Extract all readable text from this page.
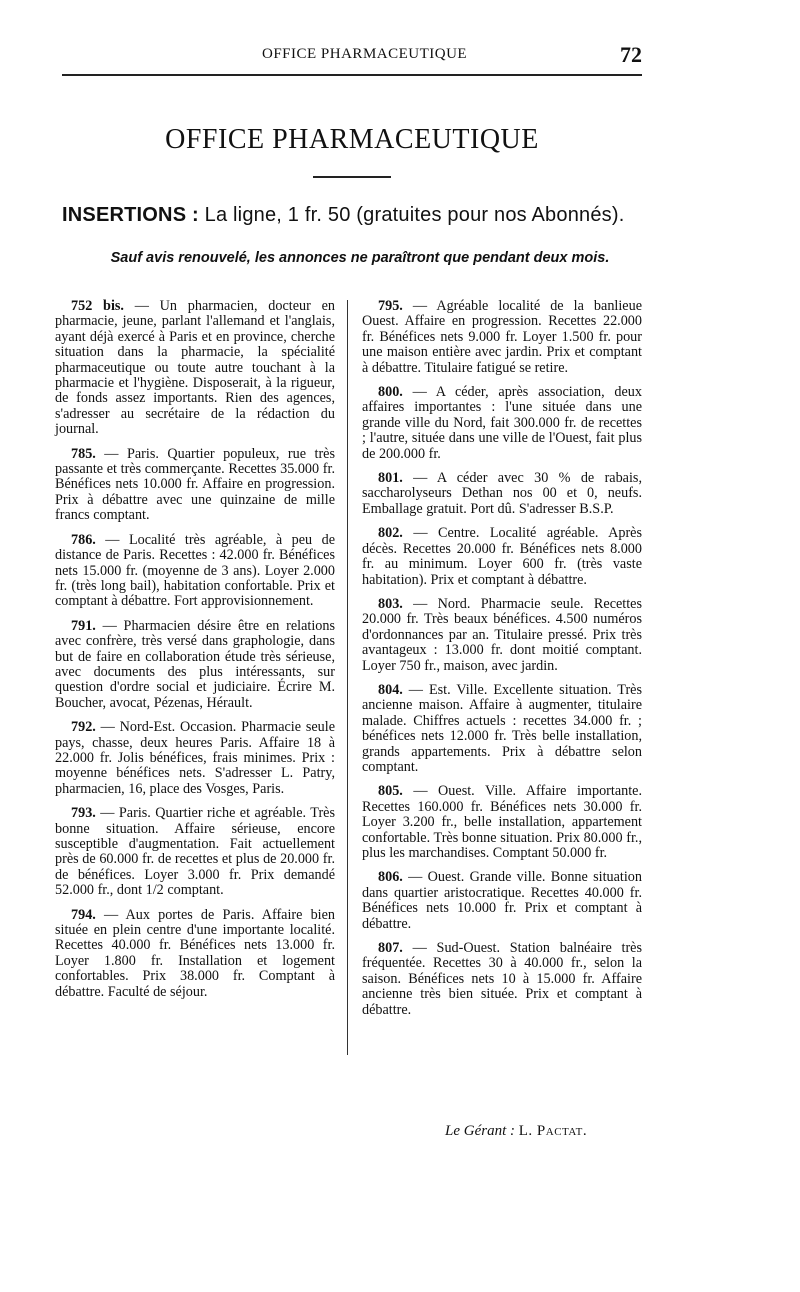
OFFICE PHARMACEUTIQUE	72
OFFICE PHARMACEUTIQUE
INSERTIONS : La ligne, 1 fr. 50 (gratuites pour nos Abonnés).
Sauf avis renouvelé, les annonces ne paraîtront que pendant deux mois.

752 bis. — Un pharmacien, docteur en pharmacie, jeune, parlant l'allemand et l'anglais, ayant déjà exercé à Paris et en province, cherche situation dans la pharmacie, la spécialité pharmaceutique ou toute autre touchant à la pharmacie et l'hygiène. Disposerait, à la rigueur, de fonds assez importants. Rien des agences, s'adresser au secrétaire de la rédaction du journal.

785. — Paris. Quartier populeux, rue très passante et très commerçante. Recettes 35.000 fr. Bénéfices nets 10.000 fr. Affaire en progression. Prix à débattre avec une quinzaine de mille francs comptant.

786. — Localité très agréable, à peu de distance de Paris. Recettes : 42.000 fr. Bénéfices nets 15.000 fr. (moyenne de 3 ans). Loyer 2.000 fr. (très long bail), habitation confortable. Prix et comptant à débattre. Fort approvisionnement.

791. — Pharmacien désire être en relations avec confrère, très versé dans graphologie, dans but de faire en collaboration étude très sérieuse, avec documents des plus intéressants, sur question d'ordre social et judiciaire. Écrire M. Boucher, avocat, Pézenas, Hérault.

792. — Nord-Est. Occasion. Pharmacie seule pays, chasse, deux heures Paris. Affaire 18 à 22.000 fr. Jolis bénéfices, frais minimes. Prix : moyenne bénéfices nets. S'adresser L. Patry, pharmacien, 16, place des Vosges, Paris.

793. — Paris. Quartier riche et agréable. Très bonne situation. Affaire sérieuse, encore susceptible d'augmentation. Fait actuellement près de 60.000 fr. de recettes et plus de 20.000 fr. de bénéfices. Loyer 3.000 fr. Prix demandé 52.000 fr., dont 1/2 comptant.

794. — Aux portes de Paris. Affaire bien située en plein centre d'une importante localité. Recettes 40.000 fr. Bénéfices nets 13.000 fr. Loyer 1.800 fr. Installation et logement confortables. Prix 38.000 fr. Comptant à débattre. Faculté de séjour.

795. — Agréable localité de la banlieue Ouest. Affaire en progression. Recettes 22.000 fr. Bénéfices nets 9.000 fr. Loyer 1.500 fr. pour une maison entière avec jardin. Prix et comptant à débattre. Titulaire fatigué se retire.

800. — A céder, après association, deux affaires importantes : l'une située dans une grande ville du Nord, fait 300.000 fr. de recettes ; l'autre, située dans une ville de l'Ouest, fait plus de 200.000 fr.

801. — A céder avec 30 % de rabais, saccharolyseurs Dethan nos 00 et 0, neufs. Emballage gratuit. Port dû. S'adresser B.S.P.

802. — Centre. Localité agréable. Après décès. Recettes 20.000 fr. Bénéfices nets 8.000 fr. au minimum. Loyer 600 fr. (très vaste habitation). Prix et comptant à débattre.

803. — Nord. Pharmacie seule. Recettes 20.000 fr. Très beaux bénéfices. 4.500 numéros d'ordonnances par an. Titulaire pressé. Prix très avantageux : 13.000 fr. dont moitié comptant. Loyer 750 fr., maison, avec jardin.

804. — Est. Ville. Excellente situation. Très ancienne maison. Affaire à augmenter, titulaire malade. Chiffres actuels : recettes 34.000 fr. ; bénéfices nets 12.000 fr. Très belle installation, grands appartements. Prix à débattre selon comptant.

805. — Ouest. Ville. Affaire importante. Recettes 160.000 fr. Bénéfices nets 30.000 fr. Loyer 3.200 fr., belle installation, appartement confortable. Très bonne situation. Prix 80.000 fr., plus les marchandises. Comptant 50.000 fr.

806. — Ouest. Grande ville. Bonne situation dans quartier aristocratique. Recettes 40.000 fr. Bénéfices nets 10.000 fr. Prix et comptant à débattre.

807. — Sud-Ouest. Station balnéaire très fréquentée. Recettes 30 à 40.000 fr., selon la saison. Bénéfices nets 10 à 15.000 fr. Affaire ancienne très bien située. Prix et comptant à débattre.

Le Gérant : L. Pactat.
